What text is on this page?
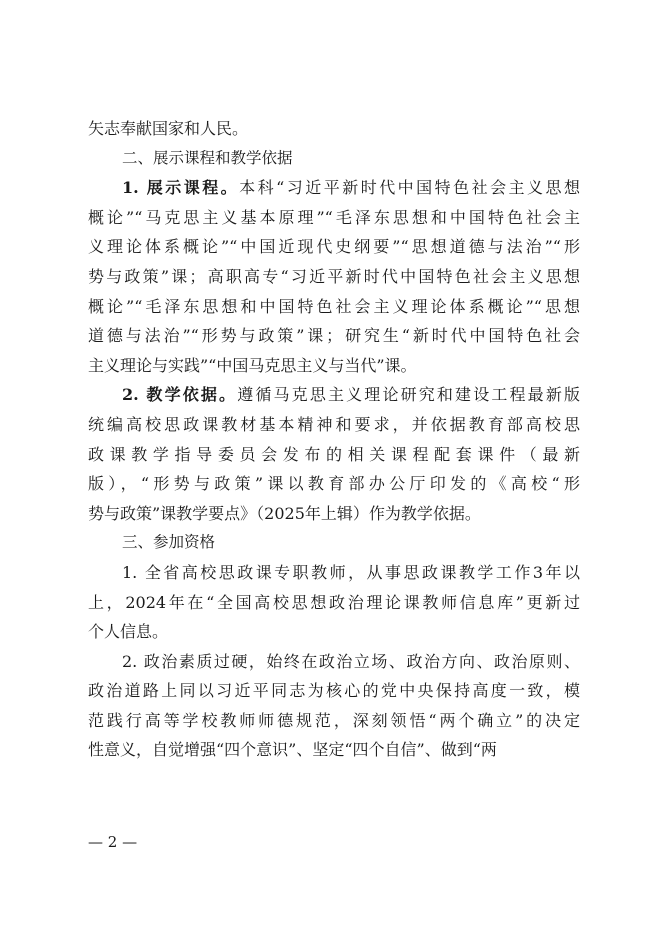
矢志奉献国家和人民。
二、展示课程和教学依据
1. 展示课程。本科“习近平新时代中国特色社会主义思想
概论”“马克思主义基本原理”“毛泽东思想和中国特色社会主
义理论体系概论”“中国近现代史纲要”“思想道德与法治”“形
势与政策”课；高职高专“习近平新时代中国特色社会主义思想
概论”“毛泽东思想和中国特色社会主义理论体系概论”“思想
道德与法治”“形势与政策”课；研究生“新时代中国特色社会
主义理论与实践”“中国马克思主义与当代”课。
2. 教学依据。遵循马克思主义理论研究和建设工程最新版
统编高校思政课教材基本精神和要求，并依据教育部高校思
政课教学指导委员会发布的相关课程配套课件（最新
版），“形势与政策”课以教育部办公厅印发的《高校“形
势与政策”课教学要点》（2025年上辑）作为教学依据。
三、参加资格
1. 全省高校思政课专职教师，从事思政课教学工作3年以
上，2024年在“全国高校思想政治理论课教师信息库”更新过
个人信息。
2. 政治素质过硬，始终在政治立场、政治方向、政治原则、
政治道路上同以习近平同志为核心的党中央保持高度一致，模
范践行高等学校教师师德规范，深刻领悟“两个确立”的决定
性意义，自觉增强“四个意识”、坚定“四个自信”、做到“两
— 2 —
